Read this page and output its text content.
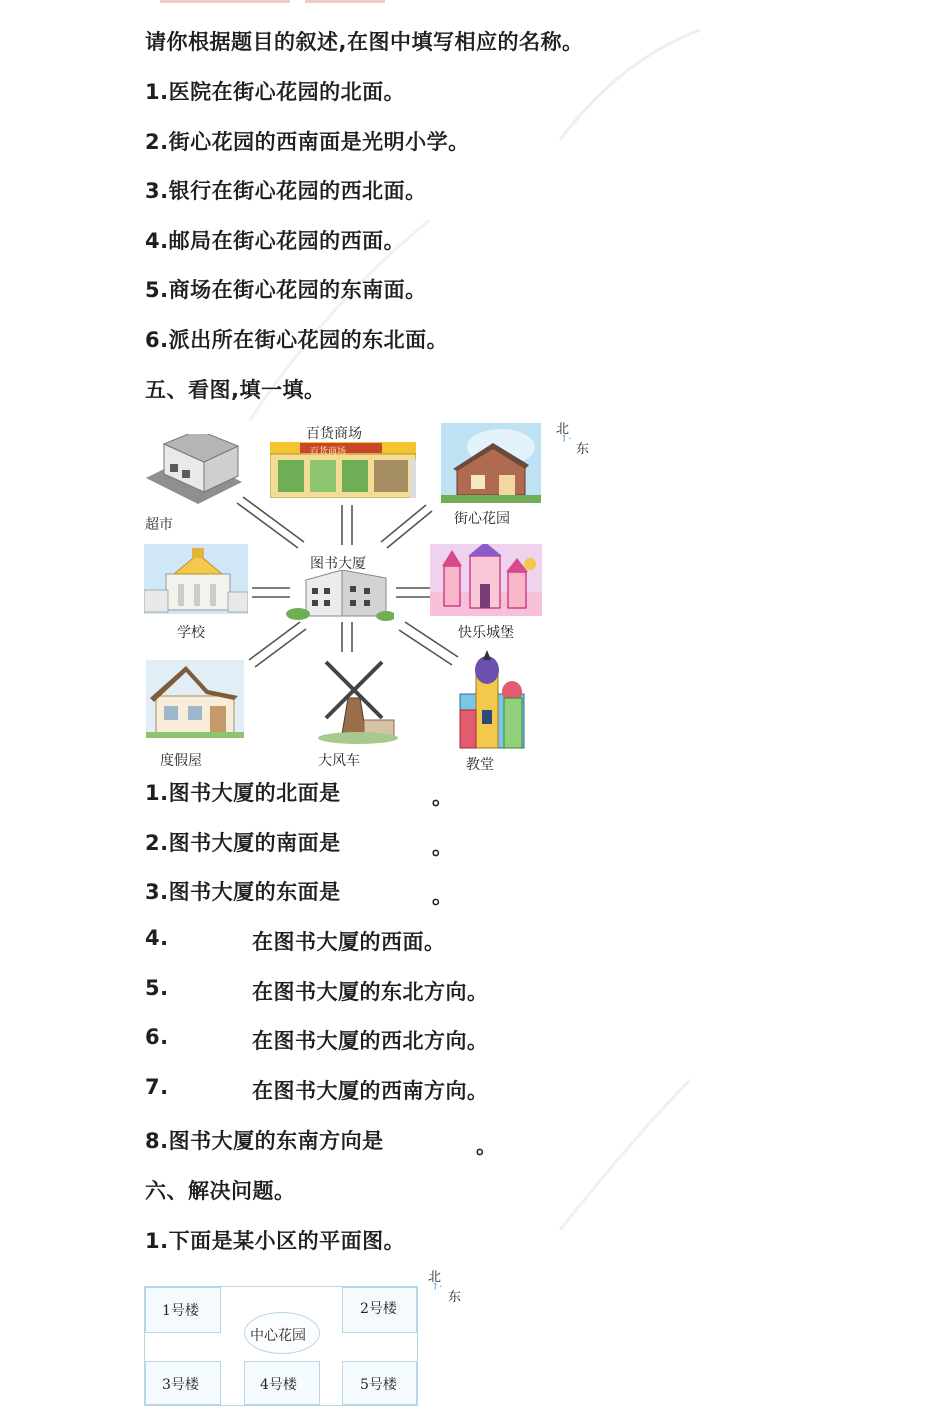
请你根据题目的叙述,在图中填写相应的名称。
1.医院在街心花园的北面。
2.街心花园的西南面是光明小学。
3.银行在街心花园的西北面。
4.邮局在街心花园的西面。
5.商场在街心花园的东南面。
6.派出所在街心花园的东北面。
五、看图,填一填。
北
↑·
东
百货商场
百货商场
超市	街心花园
图书大厦
学校	快乐城堡
度假屋	大风车	教堂
1.图书大厦的北面是	。
2.图书大厦的南面是	。
3.图书大厦的东面是	。
4.	在图书大厦的西面。
5.	在图书大厦的东北方向。
6.	在图书大厦的西北方向。
7.	在图书大厦的西南方向。
8.图书大厦的东南方向是	。
六、解决问题。
1.下面是某小区的平面图。
北
↑·
东
1号楼	2号楼
中心花园
3号楼	4号楼	5号楼
